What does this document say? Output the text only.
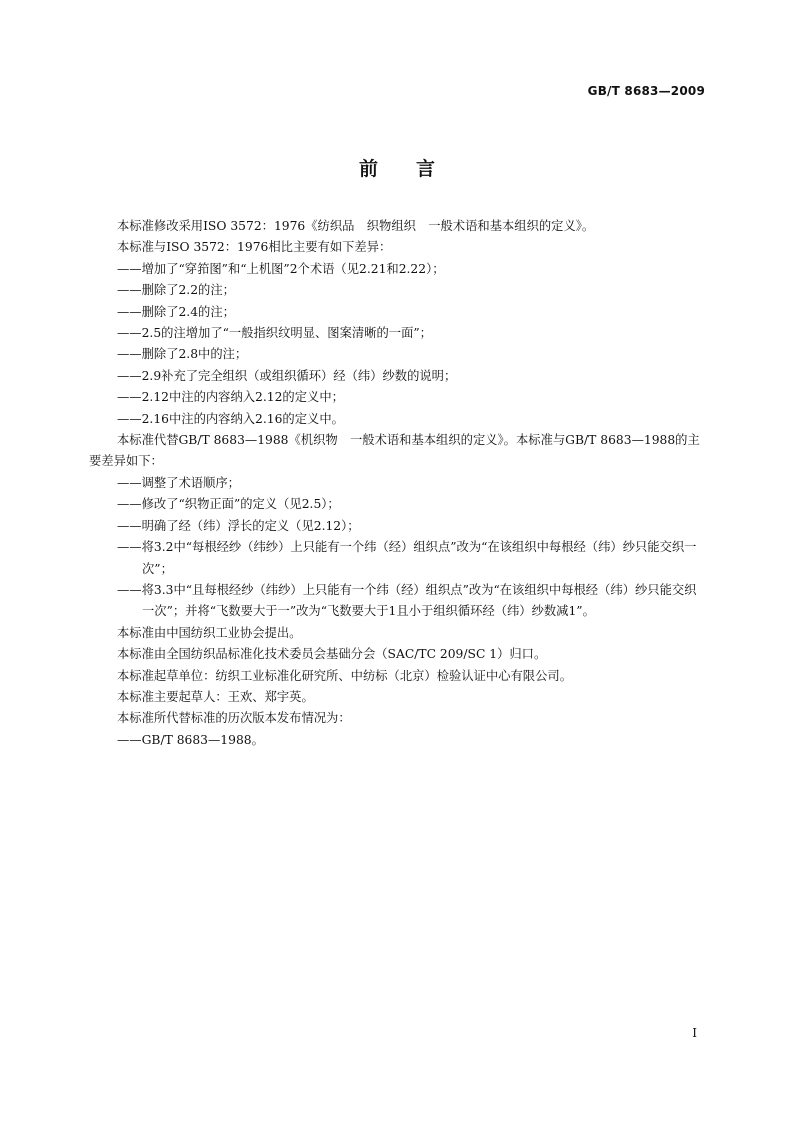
GB/T 8683—2009
前言
本标准修改采用ISO 3572：1976《纺织品　织物组织　一般术语和基本组织的定义》。
本标准与ISO 3572：1976相比主要有如下差异：
——增加了“穿筘图”和“上机图”2个术语（见2.21和2.22）；
——删除了2.2的注；
——删除了2.4的注；
——2.5的注增加了“一般指织纹明显、图案清晰的一面”；
——删除了2.8中的注；
——2.9补充了完全组织（或组织循环）经（纬）纱数的说明；
——2.12中注的内容纳入2.12的定义中；
——2.16中注的内容纳入2.16的定义中。
本标准代替GB/T 8683—1988《机织物　一般术语和基本组织的定义》。本标准与GB/T 8683—1988的主要差异如下：
——调整了术语顺序；
——修改了“织物正面”的定义（见2.5）；
——明确了经（纬）浮长的定义（见2.12）；
——将3.2中“每根经纱（纬纱）上只能有一个纬（经）组织点”改为“在该组织中每根经（纬）纱只能交织一次”；
——将3.3中“且每根经纱（纬纱）上只能有一个纬（经）组织点”改为“在该组织中每根经（纬）纱只能交织一次”；并将“飞数要大于一”改为“飞数要大于1且小于组织循环经（纬）纱数减1”。
本标准由中国纺织工业协会提出。
本标准由全国纺织品标准化技术委员会基础分会（SAC/TC 209/SC 1）归口。
本标准起草单位：纺织工业标准化研究所、中纺标（北京）检验认证中心有限公司。
本标准主要起草人：王欢、郑宇英。
本标准所代替标准的历次版本发布情况为：
——GB/T 8683—1988。
I
